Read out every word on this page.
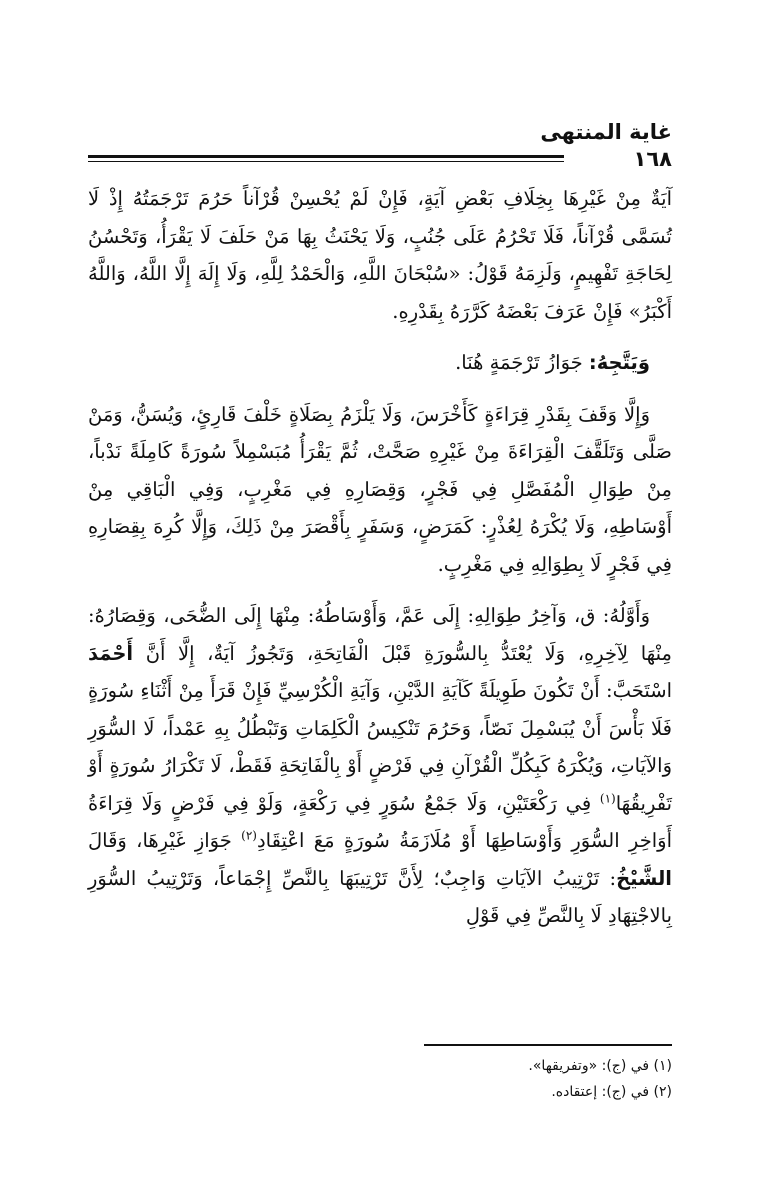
غاية المنتهى
١٦٨

آيَةٌ مِنْ غَيْرِهَا بِخِلَافِ بَعْضِ آيَةٍ، فَإِنْ لَمْ يُحْسِنْ قُرْآناً حَرُمَ تَرْجَمَتُهُ إِذْ لَا تُسَمَّى قُرْآناً، فَلَا تَحْرُمُ عَلَى جُنُبٍ، وَلَا يَحْنَثُ بِهَا مَنْ حَلَفَ لَا يَقْرَأُ، وَتَحْسُنُ لِحَاجَةِ تَفْهِيمٍ، وَلَزِمَهُ قَوْلُ: «سُبْحَانَ اللَّهِ، وَالْحَمْدُ لِلَّهِ، وَلَا إِلَهَ إِلَّا اللَّهُ، وَاللَّهُ أَكْبَرُ» فَإِنْ عَرَفَ بَعْضَهُ كَرَّرَهُ بِقَدْرِهِ.

وَيَتَّجِهُ: جَوَازُ تَرْجَمَةٍ هُنَا.

وَإِلَّا وَقَفَ بِقَدْرِ قِرَاءَةٍ كَأَخْرَسَ، وَلَا يَلْزَمُ بِصَلَاةٍ خَلْفَ قَارِئٍ، وَيُسَنُّ، وَمَنْ صَلَّى وَتَلَقَّفَ الْقِرَاءَةَ مِنْ غَيْرِهِ صَحَّتْ، ثُمَّ يَقْرَأُ مُبَسْمِلاً سُورَةً كَامِلَةً نَدْباً، مِنْ طِوَالِ الْمُفَصَّلِ فِي فَجْرٍ، وَقِصَارِهِ فِي مَغْرِبٍ، وَفِي الْبَاقِي مِنْ أَوْسَاطِهِ، وَلَا يُكْرَهُ لِعُذْرٍ: كَمَرَضٍ، وَسَفَرٍ بِأَقْصَرَ مِنْ ذَلِكَ، وَإِلَّا كُرِهَ بِقِصَارِهِ فِي فَجْرٍ لَا بِطِوَالِهِ فِي مَغْرِبٍ.

وَأَوَّلُهُ: ق، وَآخِرُ طِوَالِهِ: إِلَى عَمَّ، وَأَوْسَاطُهُ: مِنْهَا إِلَى الضُّحَى، وَقِصَارُهُ: مِنْهَا لِآخِرِهِ، وَلَا يُعْتَدُّ بِالسُّورَةِ قَبْلَ الْفَاتِحَةِ، وَتَجُوزُ آيَةٌ، إِلَّا أَنَّ أَحْمَدَ اسْتَحَبَّ: أَنْ تَكُونَ طَوِيلَةً كَآيَةِ الدَّيْنِ، وَآيَةِ الْكُرْسِيِّ فَإِنْ قَرَأَ مِنْ أَثْنَاءِ سُورَةٍ فَلَا بَأْسَ أَنْ يُبَسْمِلَ نَصّاً، وَحَرُمَ تَنْكِيسُ الْكَلِمَاتِ وَتَبْطُلُ بِهِ عَمْداً، لَا السُّوَرِ وَالآيَاتِ، وَيُكْرَهُ كَبِكُلِّ الْقُرْآنِ فِي فَرْضٍ أَوْ بِالْفَاتِحَةِ فَقَطْ، لَا تَكْرَارُ سُورَةٍ أَوْ تَفْرِيقُهَا$^{(١)}$ فِي رَكْعَتَيْنِ، وَلَا جَمْعُ سُوَرٍ فِي رَكْعَةٍ، وَلَوْ فِي فَرْضٍ وَلَا قِرَاءَةُ أَوَاخِرِ السُّوَرِ وَأَوْسَاطِهَا أَوْ مُلَازَمَةُ سُورَةٍ مَعَ اعْتِقَادِ$^{(٢)}$ جَوَازِ غَيْرِهَا، وَقَالَ الشَّيْخُ: تَرْتِيبُ الآيَاتِ وَاجِبٌ؛ لِأَنَّ تَرْتِيبَهَا بِالنَّصِّ إِجْمَاعاً، وَتَرْتِيبُ السُّوَرِ بِالاجْتِهَادِ لَا بِالنَّصِّ فِي قَوْلِ

(١) في (ج): «وتفريقها».
(٢) في (ج): إعتقاده.
